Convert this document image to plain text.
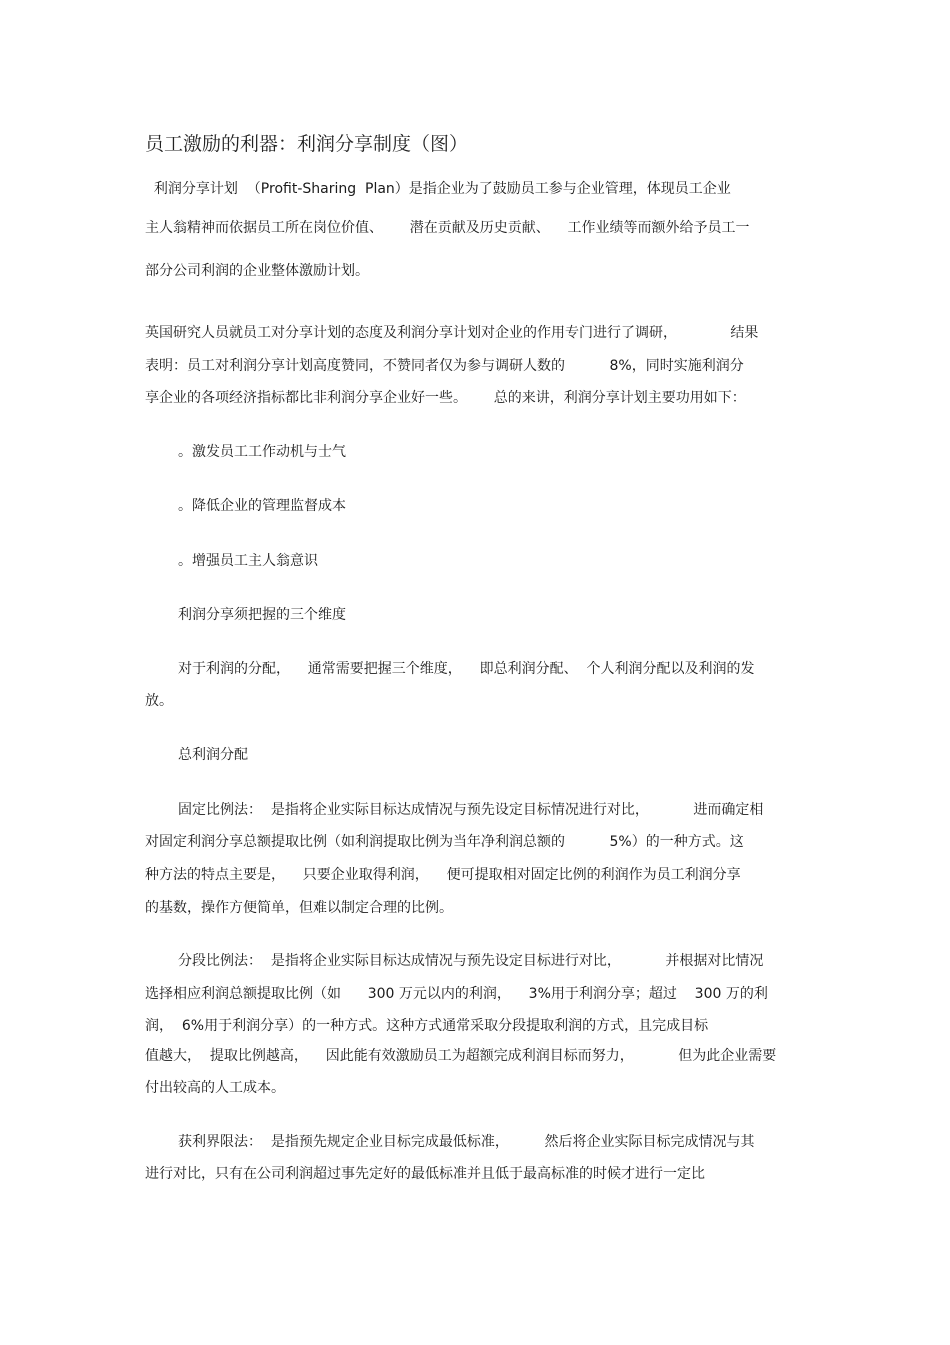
员工激励的利器：利润分享制度（图）
利润分享计划  （Profit-Sharing  Plan）是指企业为了鼓励员工参与企业管理，体现员工企业
主人翁精神而依据员工所在岗位价值、      潜在贡献及历史贡献、    工作业绩等而额外给予员工一
部分公司利润的企业整体激励计划。
英国研究人员就员工对分享计划的态度及利润分享计划对企业的作用专门进行了调研，            结果
表明：员工对利润分享计划高度赞同，不赞同者仅为参与调研人数的          8%，同时实施利润分
享企业的各项经济指标都比非利润分享企业好一些。      总的来讲，利润分享计划主要功用如下：
。激发员工工作动机与士气
。降低企业的管理监督成本
。增强员工主人翁意识
利润分享须把握的三个维度
对于利润的分配，    通常需要把握三个维度，    即总利润分配、  个人利润分配以及利润的发
放。
总利润分配
固定比例法：  是指将企业实际目标达成情况与预先设定目标情况进行对比，          进而确定相
对固定利润分享总额提取比例（如利润提取比例为当年净利润总额的          5%）的一种方式。这
种方法的特点主要是，    只要企业取得利润，    便可提取相对固定比例的利润作为员工利润分享
的基数，操作方便简单，但难以制定合理的比例。
分段比例法：  是指将企业实际目标达成情况与预先设定目标进行对比，          并根据对比情况
选择相应利润总额提取比例（如      300 万元以内的利润，    3%用于利润分享；超过    300 万的利
润，  6%用于利润分享）的一种方式。这种方式通常采取分段提取利润的方式，且完成目标
值越大，  提取比例越高，    因此能有效激励员工为超额完成利润目标而努力，          但为此企业需要
付出较高的人工成本。
获利界限法：  是指预先规定企业目标完成最低标准，        然后将企业实际目标完成情况与其
进行对比，只有在公司利润超过事先定好的最低标准并且低于最高标准的时候才进行一定比
